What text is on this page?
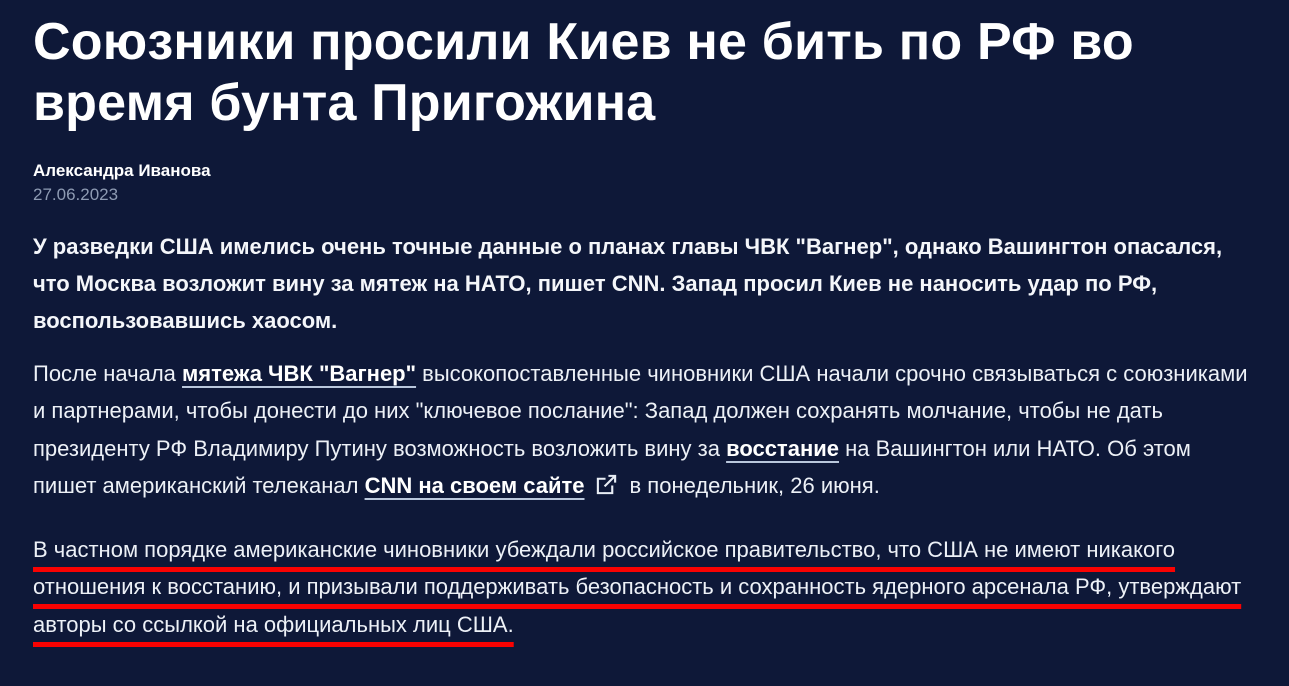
Союзники просили Киев не бить по РФ во время бунта Пригожина
Александра Иванова
27.06.2023

У разведки США имелись очень точные данные о планах главы ЧВК "Вагнер", однако Вашингтон опасался, что Москва возложит вину за мятеж на НАТО, пишет CNN. Запад просил Киев не наносить удар по РФ, воспользовавшись хаосом.

После начала мятежа ЧВК "Вагнер" высокопоставленные чиновники США начали срочно связываться с союзниками и партнерами, чтобы донести до них "ключевое послание": Запад должен сохранять молчание, чтобы не дать президенту РФ Владимиру Путину возможность возложить вину за восстание на Вашингтон или НАТО. Об этом пишет американский телеканал CNN на своем сайте в понедельник, 26 июня.

В частном порядке американские чиновники убеждали российское правительство, что США не имеют никакого отношения к восстанию, и призывали поддерживать безопасность и сохранность ядерного арсенала РФ, утверждают авторы со ссылкой на официальных лиц США.
